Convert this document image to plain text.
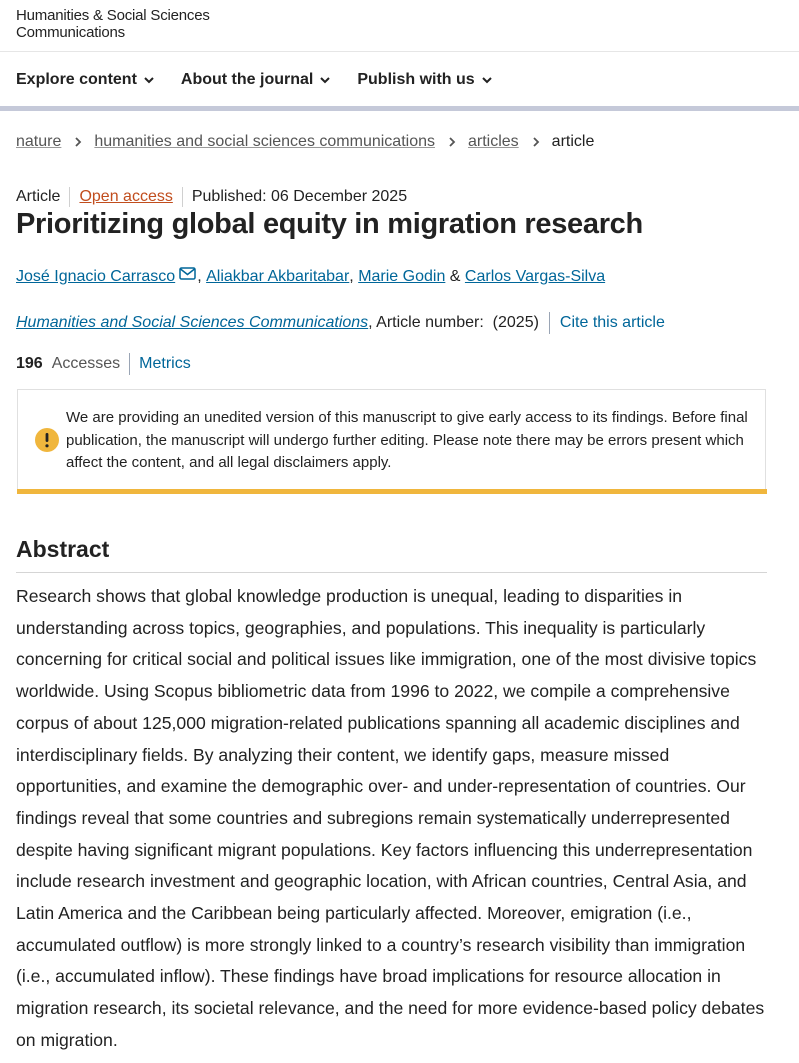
Humanities & Social Sciences
Communications
Explore content	About the journal	Publish with us
nature humanities and social sciences communications articles article
Article Open access Published: 06 December 2025
Prioritizing global equity in migration research
José Ignacio Carrasco ,
Aliakbar Akbaritabar ,
Marie Godin
&
Carlos Vargas-Silva
Humanities and Social Sciences Communications , Article number:  (2025) Cite this article
196 Accesses Metrics
We are providing an unedited version of this manuscript to give early access to its findings. Before final publication, the manuscript will undergo further editing. Please note there may be errors present which affect the content, and all legal disclaimers apply.
Abstract

Research shows that global knowledge production is unequal, leading to disparities in understanding across topics, geographies, and populations. This inequality is particularly concerning for critical social and political issues like immigration, one of the most divisive topics worldwide. Using Scopus bibliometric data from 1996 to 2022, we compile a comprehensive corpus of about 125,000 migration-related publications spanning all academic disciplines and interdisciplinary fields. By analyzing their content, we identify gaps, measure missed opportunities, and examine the demographic over- and under-representation of countries. Our findings reveal that some countries and subregions remain systematically underrepresented despite having significant migrant populations. Key factors influencing this underrepresentation include research investment and geographic location, with African countries, Central Asia, and Latin America and the Caribbean being particularly affected. Moreover, emigration (i.e., accumulated outflow) is more strongly linked to a country’s research visibility than immigration (i.e., accumulated inflow). These findings have broad implications for resource allocation in migration research, its societal relevance, and the need for more evidence-based policy debates on migration.
